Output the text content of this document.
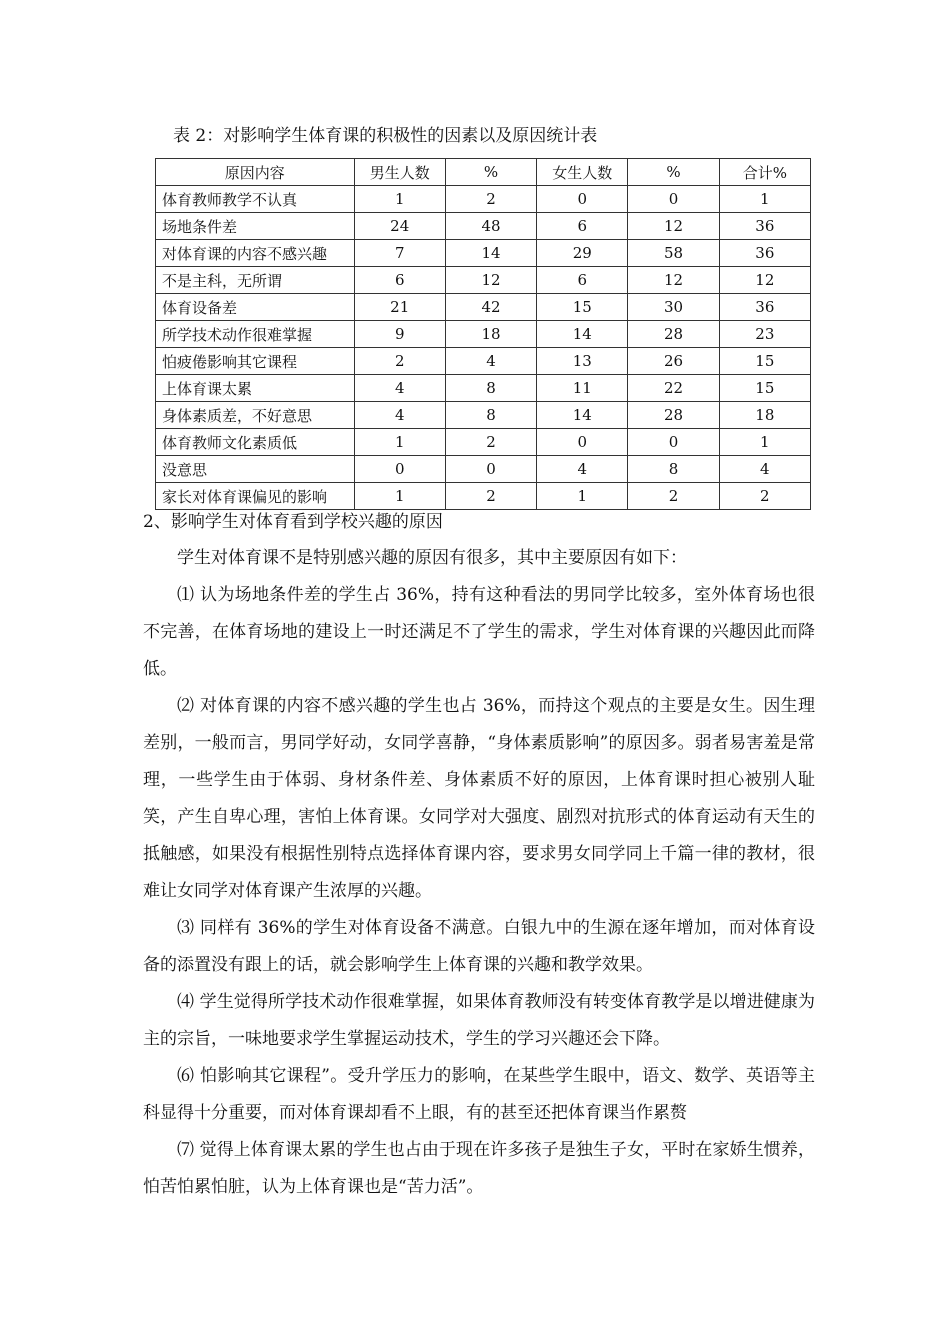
表 2：对影响学生体育课的积极性的因素以及原因统计表
原因内容	男生人数	%	女生人数	%	合计%
体育教师教学不认真	1	2	0	0	1
场地条件差	24	48	6	12	36
对体育课的内容不感兴趣	7	14	29	58	36
不是主科，无所谓	6	12	6	12	12
体育设备差	21	42	15	30	36
所学技术动作很难掌握	9	18	14	28	23
怕疲倦影响其它课程	2	4	13	26	15
上体育课太累	4	8	11	22	15
身体素质差，不好意思	4	8	14	28	18
体育教师文化素质低	1	2	0	0	1
没意思	0	0	4	8	4
家长对体育课偏见的影响	1	2	1	2	2
2、影响学生对体育看到学校兴趣的原因

学生对体育课不是特别感兴趣的原因有很多，其中主要原因有如下：

⑴ 认为场地条件差的学生占 36%，持有这种看法的男同学比较多，室外体育场也很不完善，在体育场地的建设上一时还满足不了学生的需求，学生对体育课的兴趣因此而降低。

⑵ 对体育课的内容不感兴趣的学生也占 36%，而持这个观点的主要是女生。因生理差别，一般而言，男同学好动，女同学喜静，“身体素质影响”的原因多。弱者易害羞是常理，一些学生由于体弱、身材条件差、身体素质不好的原因，上体育课时担心被别人耻笑，产生自卑心理，害怕上体育课。女同学对大强度、剧烈对抗形式的体育运动有天生的抵触感，如果没有根据性别特点选择体育课内容，要求男女同学同上千篇一律的教材，很难让女同学对体育课产生浓厚的兴趣。

⑶ 同样有 36%的学生对体育设备不满意。白银九中的生源在逐年增加，而对体育设备的添置没有跟上的话，就会影响学生上体育课的兴趣和教学效果。

⑷ 学生觉得所学技术动作很难掌握，如果体育教师没有转变体育教学是以增进健康为主的宗旨，一味地要求学生掌握运动技术，学生的学习兴趣还会下降。

⑹ 怕影响其它课程”。受升学压力的影响，在某些学生眼中，语文、数学、英语等主科显得十分重要，而对体育课却看不上眼，有的甚至还把体育课当作累赘

⑺ 觉得上体育课太累的学生也占由于现在许多孩子是独生子女，平时在家娇生惯养，怕苦怕累怕脏，认为上体育课也是“苦力活”。
